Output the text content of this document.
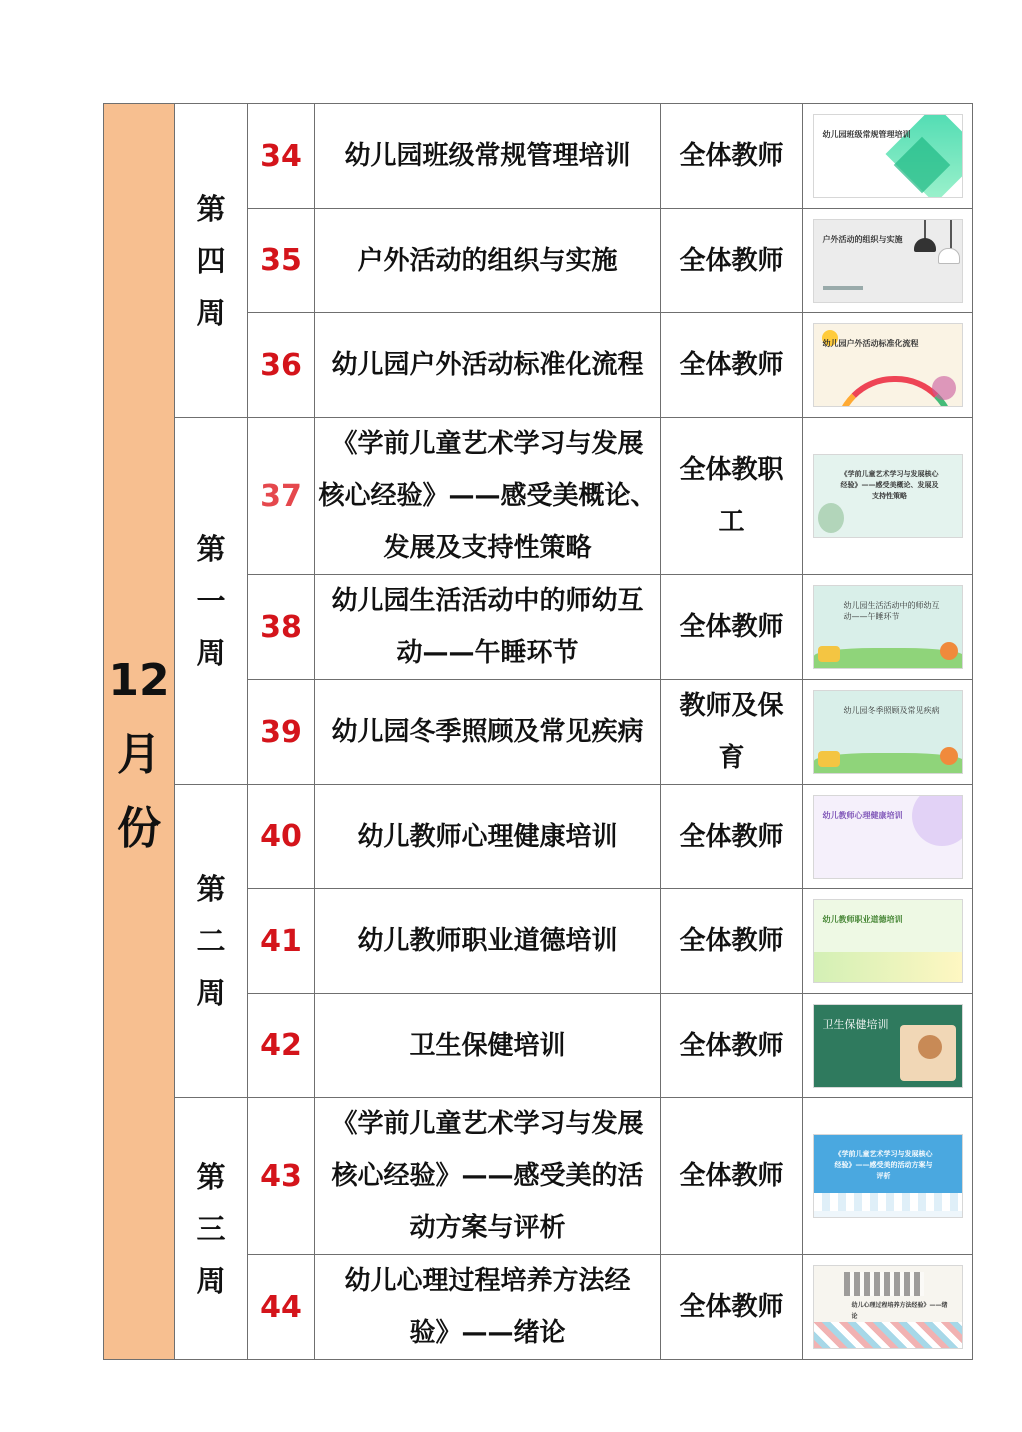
12
月
份	第
四
周	34	幼儿园班级常规管理培训	全体教师	幼儿园班级常规管理培训

		35	户外活动的组织与实施	全体教师	户外活动的组织与实施

		36	幼儿园户外活动标准化流程	全体教师	幼儿园户外活动标准化流程

	第
一
周	37	《学前儿童艺术学习与发展
核心经验》——感受美概论、
发展及支持性策略	全体教职
工	《学前儿童艺术学习与发展核心经验》——感受美概论、发展及支持性策略

		38	幼儿园生活活动中的师幼互
动——午睡环节	全体教师	幼儿园生活活动中的师幼互动——午睡环节

		39	幼儿园冬季照顾及常见疾病	教师及保
育	幼儿园冬季照顾及常见疾病

	第
二
周	40	幼儿教师心理健康培训	全体教师	幼儿教师心理健康培训

		41	幼儿教师职业道德培训	全体教师	幼儿教师职业道德培训

		42	卫生保健培训	全体教师	卫生保健培训

	第
三
周	43	《学前儿童艺术学习与发展
核心经验》——感受美的活
动方案与评析	全体教师	《学前儿童艺术学习与发展核心经验》——感受美的活动方案与评析

		44	幼儿心理过程培养方法经
验》——绪论	全体教师	幼儿心理过程培养方法经验》——绪论
